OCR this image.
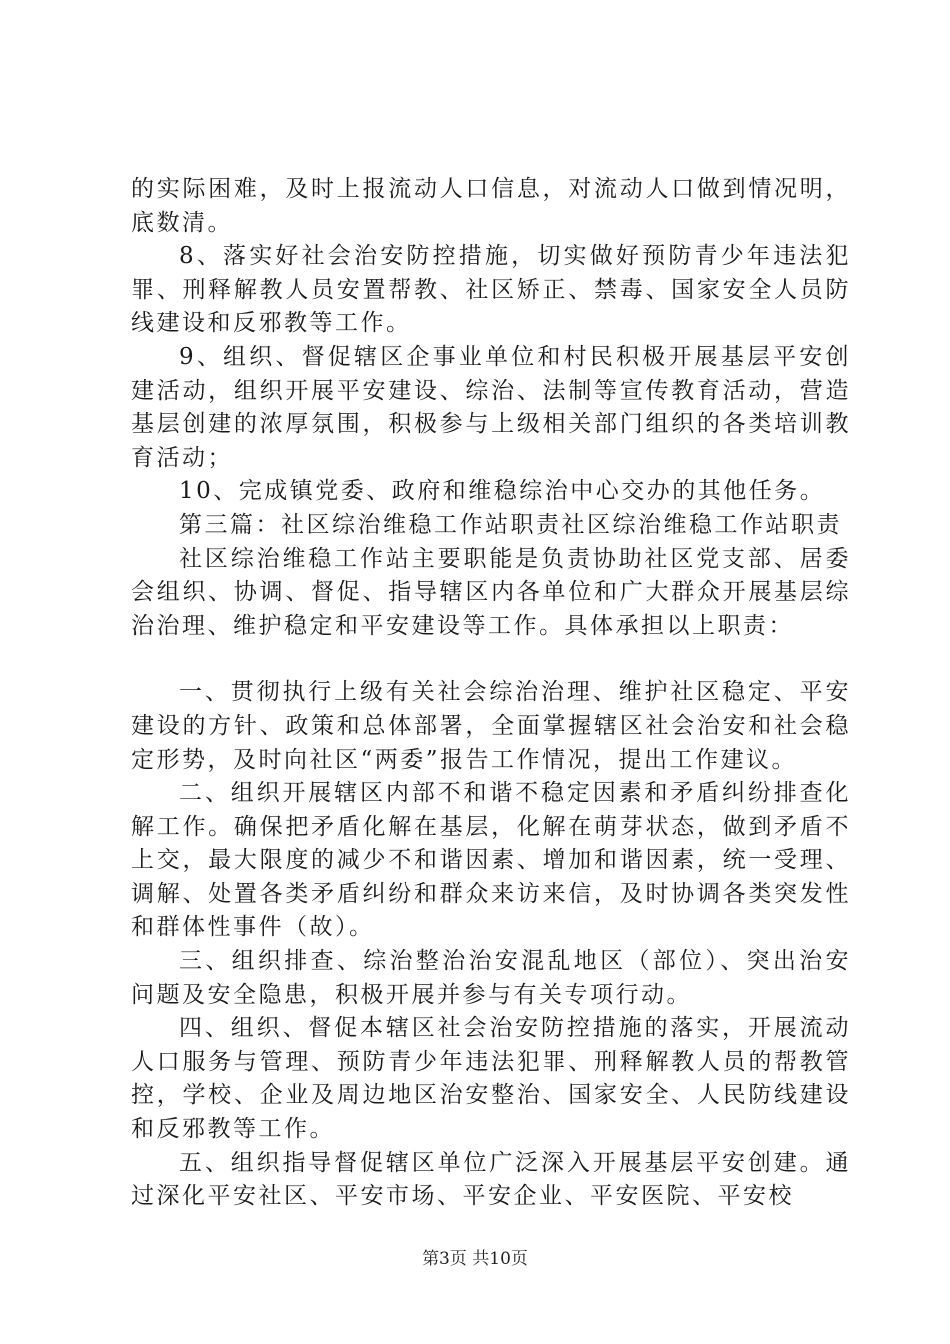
的实际困难，及时上报流动人口信息，对流动人口做到情况明，底数清。

8、落实好社会治安防控措施，切实做好预防青少年违法犯罪、刑释解教人员安置帮教、社区矫正、禁毒、国家安全人员防线建设和反邪教等工作。

9、组织、督促辖区企事业单位和村民积极开展基层平安创建活动，组织开展平安建设、综治、法制等宣传教育活动，营造基层创建的浓厚氛围，积极参与上级相关部门组织的各类培训教育活动；

10、完成镇党委、政府和维稳综治中心交办的其他任务。

第三篇：社区综治维稳工作站职责社区综治维稳工作站职责

社区综治维稳工作站主要职能是负责协助社区党支部、居委会组织、协调、督促、指导辖区内各单位和广大群众开展基层综治治理、维护稳定和平安建设等工作。具体承担以上职责：

一、贯彻执行上级有关社会综治治理、维护社区稳定、平安建设的方针、政策和总体部署，全面掌握辖区社会治安和社会稳定形势，及时向社区“两委”报告工作情况，提出工作建议。

二、组织开展辖区内部不和谐不稳定因素和矛盾纠纷排查化解工作。确保把矛盾化解在基层，化解在萌芽状态，做到矛盾不上交，最大限度的减少不和谐因素、增加和谐因素，统一受理、调解、处置各类矛盾纠纷和群众来访来信，及时协调各类突发性和群体性事件（故）。

三、组织排查、综治整治治安混乱地区（部位）、突出治安问题及安全隐患，积极开展并参与有关专项行动。

四、组织、督促本辖区社会治安防控措施的落实，开展流动人口服务与管理、预防青少年违法犯罪、刑释解教人员的帮教管控，学校、企业及周边地区治安整治、国家安全、人民防线建设和反邪教等工作。

五、组织指导督促辖区单位广泛深入开展基层平安创建。通过深化平安社区、平安市场、平安企业、平安医院、平安校

第3页 共10页
